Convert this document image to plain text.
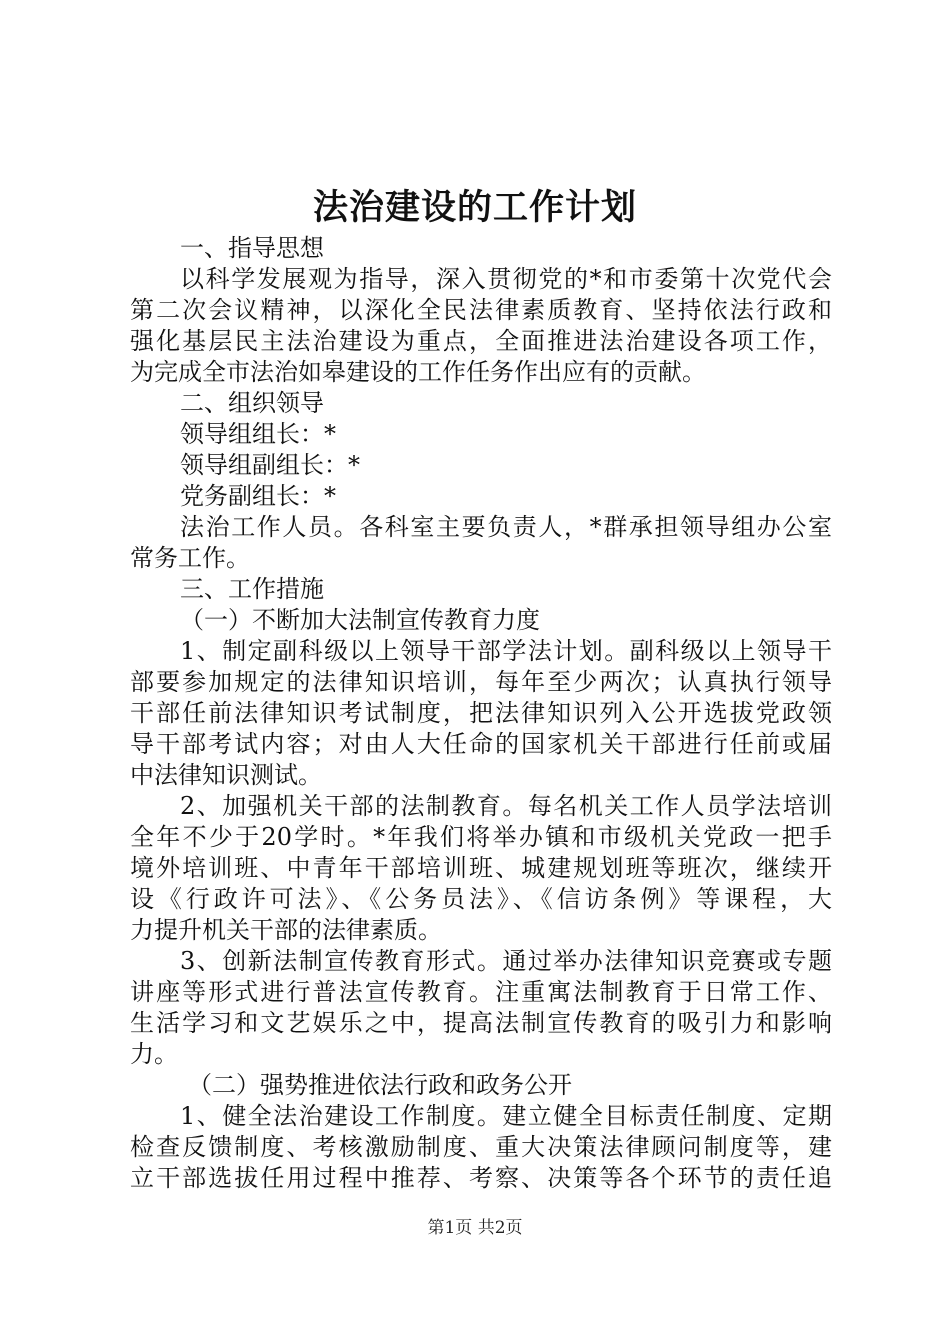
法治建设的工作计划
一、指导思想
以科学发展观为指导，深入贯彻党的*和市委第十次党代会
第二次会议精神，以深化全民法律素质教育、坚持依法行政和
强化基层民主法治建设为重点，全面推进法治建设各项工作，
为完成全市法治如皋建设的工作任务作出应有的贡献。
二、组织领导
领导组组长：*
领导组副组长：*
党务副组长：*
法治工作人员。各科室主要负责人，*群承担领导组办公室
常务工作。
三、工作措施
（一）不断加大法制宣传教育力度
1、制定副科级以上领导干部学法计划。副科级以上领导干
部要参加规定的法律知识培训，每年至少两次；认真执行领导
干部任前法律知识考试制度，把法律知识列入公开选拔党政领
导干部考试内容；对由人大任命的国家机关干部进行任前或届
中法律知识测试。
2、加强机关干部的法制教育。每名机关工作人员学法培训
全年不少于20学时。*年我们将举办镇和市级机关党政一把手
境外培训班、中青年干部培训班、城建规划班等班次，继续开
设《行政许可法》、《公务员法》、《信访条例》等课程，大
力提升机关干部的法律素质。
3、创新法制宣传教育形式。通过举办法律知识竞赛或专题
讲座等形式进行普法宣传教育。注重寓法制教育于日常工作、
生活学习和文艺娱乐之中，提高法制宣传教育的吸引力和影响
力。
（二）强势推进依法行政和政务公开
1、健全法治建设工作制度。建立健全目标责任制度、定期
检查反馈制度、考核激励制度、重大决策法律顾问制度等，建
立干部选拔任用过程中推荐、考察、决策等各个环节的责任追
第1页 共2页
